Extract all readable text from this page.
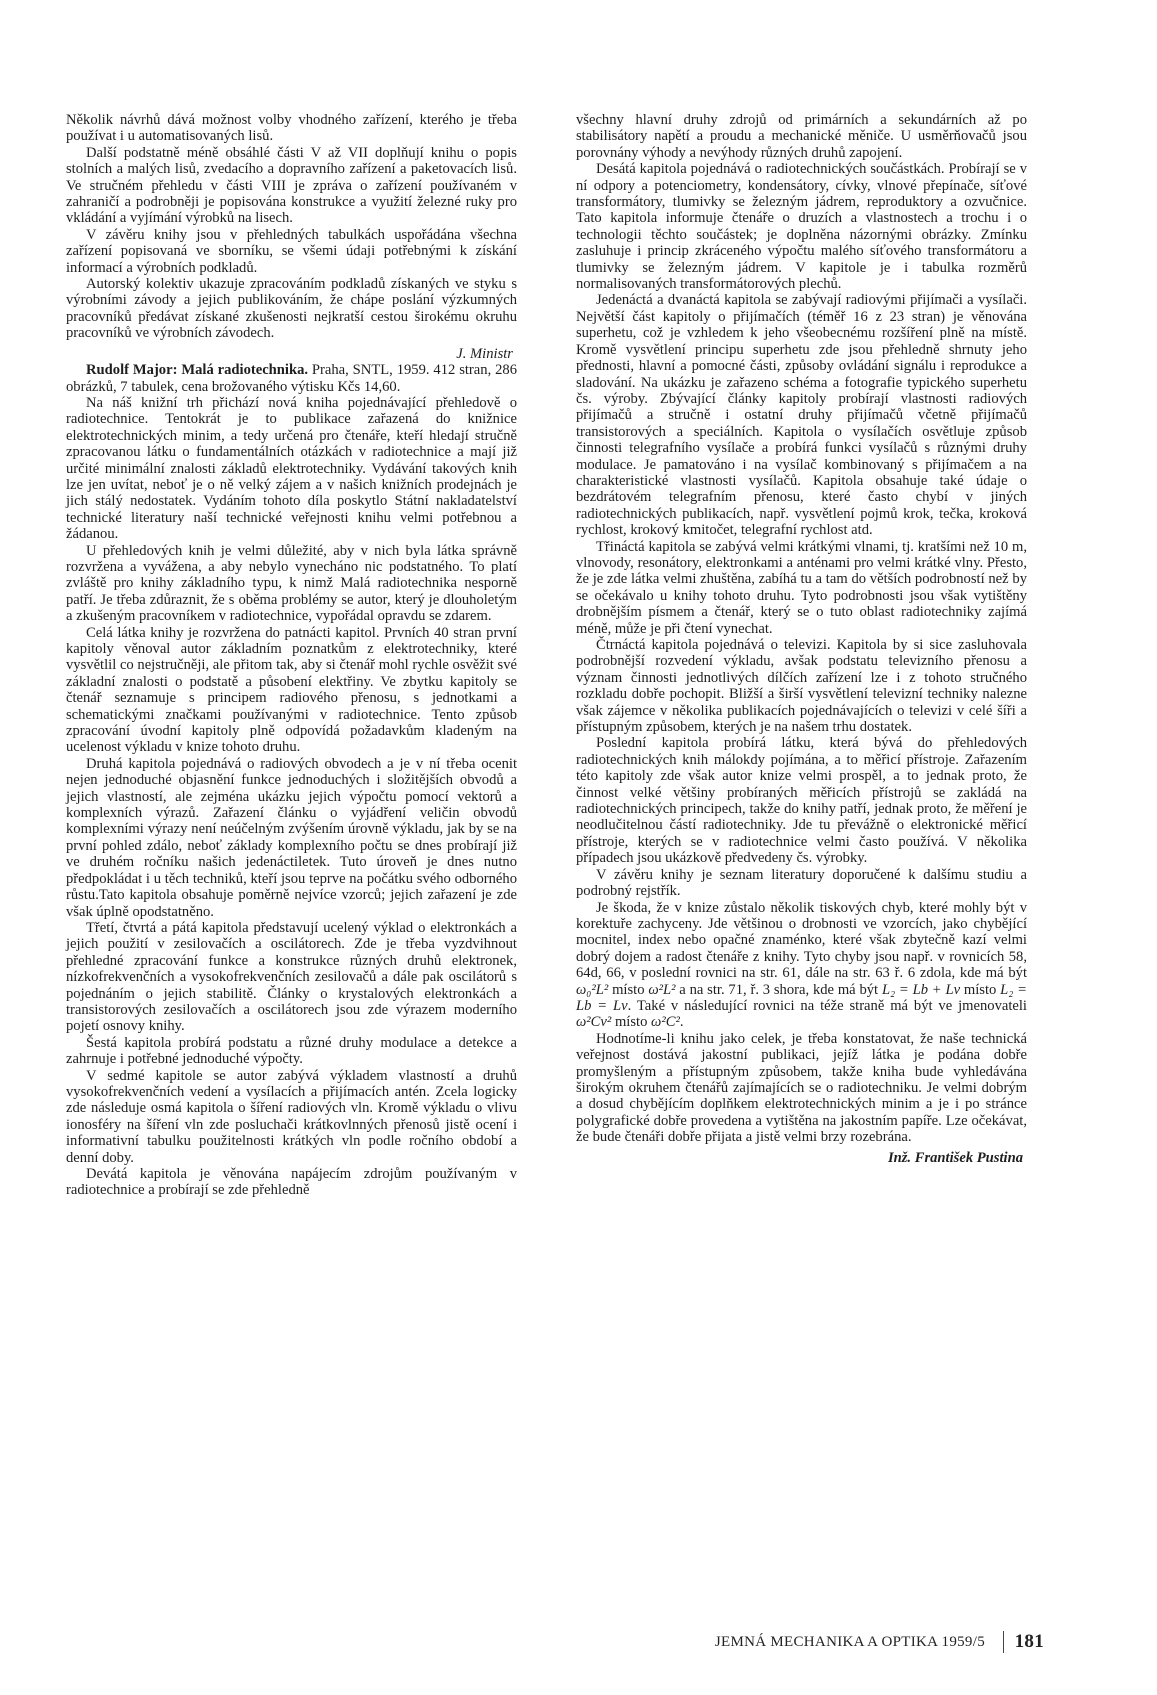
Několik návrhů dává možnost volby vhodného zařízení, kterého je třeba používat i u automatisovaných lisů.

Další podstatně méně obsáhlé části V až VII doplňují knihu o popis stolních a malých lisů, zvedacího a dopravního zařízení a paketovacích lisů. Ve stručném přehledu v části VIII je zpráva o zařízení používaném v zahraničí a podrobněji je popisována konstrukce a využití železné ruky pro vkládání a vyjímání výrobků na lisech.

V závěru knihy jsou v přehledných tabulkách uspořádána všechna zařízení popisovaná ve sborníku, se všemi údaji potřebnými k získání informací a výrobních podkladů.

Autorský kolektiv ukazuje zpracováním podkladů získaných ve styku s výrobními závody a jejich publikováním, že chápe poslání výzkumných pracovníků předávat získané zkušenosti nejkratší cestou širokému okruhu pracovníků ve výrobních závodech.

J. Ministr

Rudolf Major: Malá radiotechnika. Praha, SNTL, 1959. 412 stran, 286 obrázků, 7 tabulek, cena brožovaného výtisku Kčs 14,60.

Na náš knižní trh přichází nová kniha pojednávající přehledově o radiotechnice. Tentokrát je to publikace zařazená do knižnice elektrotechnických minim, a tedy určená pro čtenáře, kteří hledají stručně zpracovanou látku o fundamentálních otázkách v radiotechnice a mají již určité minimální znalosti základů elektrotechniky. Vydávání takových knih lze jen uvítat, neboť je o ně velký zájem a v našich knižních prodejnách je jich stálý nedostatek. Vydáním tohoto díla poskytlo Státní nakladatelství technické literatury naší technické veřejnosti knihu velmi potřebnou a žádanou.

U přehledových knih je velmi důležité, aby v nich byla látka správně rozvržena a vyvážena, a aby nebylo vynecháno nic podstatného. To platí zvláště pro knihy základního typu, k nimž Malá radiotechnika nesporně patří. Je třeba zdůraznit, že s oběma problémy se autor, který je dlouholetým a zkušeným pracovníkem v radiotechnice, vypořádal opravdu se zdarem.

Celá látka knihy je rozvržena do patnácti kapitol. Prvních 40 stran první kapitoly věnoval autor základním poznatkům z elektrotechniky, které vysvětlil co nejstručněji, ale přitom tak, aby si čtenář mohl rychle osvěžit své základní znalosti o podstatě a působení elektřiny. Ve zbytku kapitoly se čtenář seznamuje s principem radiového přenosu, s jednotkami a schematickými značkami používanými v radiotechnice. Tento způsob zpracování úvodní kapitoly plně odpovídá požadavkům kladeným na ucelenost výkladu v knize tohoto druhu.

Druhá kapitola pojednává o radiových obvodech a je v ní třeba ocenit nejen jednoduché objasnění funkce jednoduchých i složitějších obvodů a jejich vlastností, ale zejména ukázku jejich výpočtu pomocí vektorů a komplexních výrazů. Zařazení článku o vyjádření veličin obvodů komplexními výrazy není neúčelným zvýšením úrovně výkladu, jak by se na první pohled zdálo, neboť základy komplexního počtu se dnes probírají již ve druhém ročníku našich jedenáctiletek. Tuto úroveň je dnes nutno předpokládat i u těch techniků, kteří jsou teprve na počátku svého odborného růstu.Tato kapitola obsahuje poměrně nejvíce vzorců; jejich zařazení je zde však úplně opodstatněno.

Třetí, čtvrtá a pátá kapitola představují ucelený výklad o elektronkách a jejich použití v zesilovačích a oscilátorech. Zde je třeba vyzdvihnout přehledné zpracování funkce a konstrukce různých druhů elektronek, nízkofrekvenčních a vysokofrekvenčních zesilovačů a dále pak oscilátorů s pojednáním o jejich stabilitě. Články o krystalových elektronkách a transistorových zesilovačích a oscilátorech jsou zde výrazem moderního pojetí osnovy knihy.

Šestá kapitola probírá podstatu a různé druhy modulace a detekce a zahrnuje i potřebné jednoduché výpočty.

V sedmé kapitole se autor zabývá výkladem vlastností a druhů vysokofrekvenčních vedení a vysílacích a přijímacích antén. Zcela logicky zde následuje osmá kapitola o šíření radiových vln. Kromě výkladu o vlivu ionosféry na šíření vln zde posluchači krátkovlnných přenosů jistě ocení i informativní tabulku použitelnosti krátkých vln podle ročního období a denní doby.

Devátá kapitola je věnována napájecím zdrojům používaným v radiotechnice a probírají se zde přehledně

všechny hlavní druhy zdrojů od primárních a sekundárních až po stabilisátory napětí a proudu a mechanické měniče. U usměrňovačů jsou porovnány výhody a nevýhody různých druhů zapojení.

Desátá kapitola pojednává o radiotechnických součástkách. Probírají se v ní odpory a potenciometry, kondensátory, cívky, vlnové přepínače, síťové transformátory, tlumivky se železným jádrem, reproduktory a ozvučnice. Tato kapitola informuje čtenáře o druzích a vlastnostech a trochu i o technologii těchto součástek; je doplněna názornými obrázky. Zmínku zasluhuje i princip zkráceného výpočtu malého síťového transformátoru a tlumivky se železným jádrem. V kapitole je i tabulka rozměrů normalisovaných transformátorových plechů.

Jedenáctá a dvanáctá kapitola se zabývají radiovými přijímači a vysílači. Největší část kapitoly o přijímačích (téměř 16 z 23 stran) je věnována superhetu, což je vzhledem k jeho všeobecnému rozšíření plně na místě. Kromě vysvětlení principu superhetu zde jsou přehledně shrnuty jeho přednosti, hlavní a pomocné části, způsoby ovládání signálu i reprodukce a sladování. Na ukázku je zařazeno schéma a fotografie typického superhetu čs. výroby. Zbývající články kapitoly probírají vlastnosti radiových přijímačů a stručně i ostatní druhy přijímačů včetně přijímačů transistorových a speciálních. Kapitola o vysílačích osvětluje způsob činnosti telegrafního vysílače a probírá funkci vysílačů s různými druhy modulace. Je pamatováno i na vysílač kombinovaný s přijímačem a na charakteristické vlastnosti vysílačů. Kapitola obsahuje také údaje o bezdrátovém telegrafním přenosu, které často chybí v jiných radiotechnických publikacích, např. vysvětlení pojmů krok, tečka, kroková rychlost, krokový kmitočet, telegrafní rychlost atd.

Třináctá kapitola se zabývá velmi krátkými vlnami, tj. kratšími než 10 m, vlnovody, resonátory, elektronkami a anténami pro velmi krátké vlny. Přesto, že je zde látka velmi zhuštěna, zabíhá tu a tam do větších podrobností než by se očekávalo u knihy tohoto druhu. Tyto podrobnosti jsou však vytištěny drobnějším písmem a čtenář, který se o tuto oblast radiotechniky zajímá méně, může je při čtení vynechat.

Čtrnáctá kapitola pojednává o televizi. Kapitola by si sice zasluhovala podrobnější rozvedení výkladu, avšak podstatu televizního přenosu a význam činnosti jednotlivých dílčích zařízení lze i z tohoto stručného rozkladu dobře pochopit. Bližší a širší vysvětlení televizní techniky nalezne však zájemce v několika publikacích pojednávajících o televizi v celé šíři a přístupným způsobem, kterých je na našem trhu dostatek.

Poslední kapitola probírá látku, která bývá do přehledových radiotechnických knih málokdy pojímána, a to měřicí přístroje. Zařazením této kapitoly zde však autor knize velmi prospěl, a to jednak proto, že činnost velké většiny probíraných měřicích přístrojů se zakládá na radiotechnických principech, takže do knihy patří, jednak proto, že měření je neodlučitelnou částí radiotechniky. Jde tu převážně o elektronické měřicí přístroje, kterých se v radiotechnice velmi často používá. V několika případech jsou ukázkově předvedeny čs. výrobky.

V závěru knihy je seznam literatury doporučené k dalšímu studiu a podrobný rejstřík.

Je škoda, že v knize zůstalo několik tiskových chyb, které mohly být v korektuře zachyceny. Jde většinou o drobnosti ve vzorcích, jako chybějící mocnitel, index nebo opačné znaménko, které však zbytečně kazí velmi dobrý dojem a radost čtenáře z knihy. Tyto chyby jsou např. v rovnicích 58, 64d, 66, v poslední rovnici na str. 61, dále na str. 63 ř. 6 zdola, kde má být ω₀²L² místo ω²L² a na str. 71, ř. 3 shora, kde má být L₂ = Lb + Lv místo L₂ = Lb = Lv. Také v následující rovnici na téže straně má být ve jmenovateli ω²Cv² místo ω²C².

Hodnotíme-li knihu jako celek, je třeba konstatovat, že naše technická veřejnost dostává jakostní publikaci, jejíž látka je podána dobře promyšleným a přístupným způsobem, takže kniha bude vyhledávána širokým okruhem čtenářů zajímajících se o radiotechniku. Je velmi dobrým a dosud chybějícím doplňkem elektrotechnických minim a je i po stránce polygrafické dobře provedena a vytištěna na jakostním papíře. Lze očekávat, že bude čtenáři dobře přijata a jistě velmi brzy rozebrána.

Inž. František Pustina
JEMNÁ MECHANIKA A OPTIKA 1959/5 181
